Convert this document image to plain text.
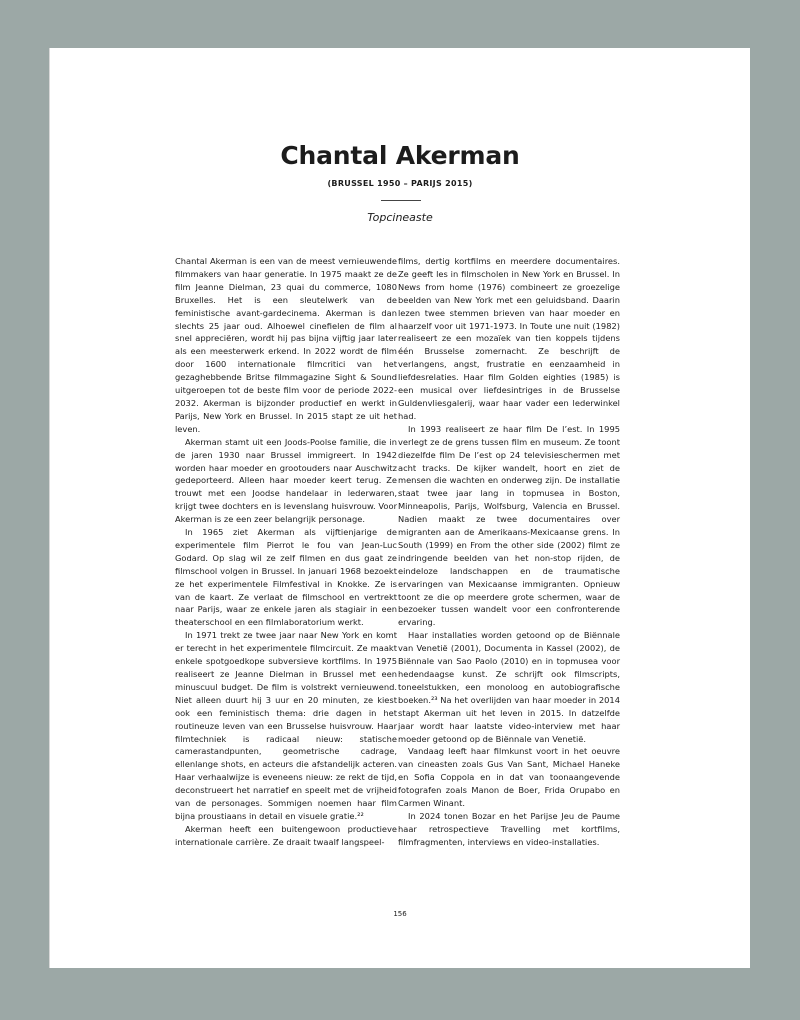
Chantal Akerman
(BRUSSEL 1950 – PARIJS 2015)
Topcineaste

Chantal Akerman is een van de meest vernieuwende filmmakers van haar generatie. In 1975 maakt ze de film Jeanne Dielman, 23 quai du commerce, 1080 Bruxelles. Het is een sleutelwerk van de feministische avant-gardecinema. Akerman is dan slechts 25 jaar oud. Alhoewel cinefielen de film al snel appreciëren, wordt hij pas bijna vijftig jaar later als een meesterwerk erkend. In 2022 wordt de film door 1600 internationale filmcritici van het gezaghebbende Britse filmmagazine Sight & Sound uitgeroepen tot de beste film voor de periode 2022-2032. Akerman is bijzonder productief en werkt in Parijs, New York en Brussel. In 2015 stapt ze uit het leven.

Akerman stamt uit een Joods-Poolse familie, die in de jaren 1930 naar Brussel immigreert. In 1942 worden haar moeder en grootouders naar Auschwitz gedeporteerd. Alleen haar moeder keert terug. Ze trouwt met een Joodse handelaar in lederwaren, krijgt twee dochters en is levenslang huisvrouw. Voor Akerman is ze een zeer belangrijk personage.

In 1965 ziet Akerman als vijftienjarige de experimentele film Pierrot le fou van Jean-Luc Godard. Op slag wil ze zelf filmen en dus gaat ze filmschool volgen in Brussel. In januari 1968 bezoekt ze het experimentele Filmfestival in Knokke. Ze is van de kaart. Ze verlaat de filmschool en vertrekt naar Parijs, waar ze enkele jaren als stagiair in een theaterschool en een filmlaboratorium werkt.

In 1971 trekt ze twee jaar naar New York en komt er terecht in het experimentele filmcircuit. Ze maakt enkele spotgoedkope subversieve kortfilms. In 1975 realiseert ze Jeanne Dielman in Brussel met een minuscuul budget. De film is volstrekt vernieuwend. Niet alleen duurt hij 3 uur en 20 minuten, ze kiest ook een feministisch thema: drie dagen in het routineuze leven van een Brusselse huisvrouw. Haar filmtechniek is radicaal nieuw: statische camerastandpunten, geometrische cadrage, ellenlange shots, en acteurs die afstandelijk acteren. Haar verhaalwijze is eveneens nieuw: ze rekt de tijd, deconstrueert het narratief en speelt met de vrijheid van de personages. Sommigen noemen haar film bijna proustiaans in detail en visuele gratie.²²

Akerman heeft een buitengewoon productieve internationale carrière. Ze draait twaalf langspeel-

films, dertig kortfilms en meerdere documentaires. Ze geeft les in filmscholen in New York en Brussel. In News from home (1976) combineert ze groezelige beelden van New York met een geluidsband. Daarin lezen twee stemmen brieven van haar moeder en haarzelf voor uit 1971-1973. In Toute une nuit (1982) realiseert ze een mozaïek van tien koppels tijdens één Brusselse zomernacht. Ze beschrijft de verlangens, angst, frustratie en eenzaamheid in liefdesrelaties. Haar film Golden eighties (1985) is een musical over liefdesintriges in de Brusselse Guldenvliesgalerij, waar haar vader een lederwinkel had.

In 1993 realiseert ze haar film De l’est. In 1995 verlegt ze de grens tussen film en museum. Ze toont diezelfde film De l’est op 24 televisieschermen met acht tracks. De kijker wandelt, hoort en ziet de mensen die wachten en onderweg zijn. De installatie staat twee jaar lang in topmusea in Boston, Minneapolis, Parijs, Wolfsburg, Valencia en Brussel. Nadien maakt ze twee documentaires over migranten aan de Amerikaans-Mexicaanse grens. In South (1999) en From the other side (2002) filmt ze indringende beelden van het non-stop rijden, de eindeloze landschappen en de traumatische ervaringen van Mexicaanse immigranten. Opnieuw toont ze die op meerdere grote schermen, waar de bezoeker tussen wandelt voor een confronterende ervaring.

Haar installaties worden getoond op de Biënnale van Venetië (2001), Documenta in Kassel (2002), de Biënnale van Sao Paolo (2010) en in topmusea voor hedendaagse kunst. Ze schrijft ook filmscripts, toneelstukken, een monoloog en autobiografische boeken.²³ Na het overlijden van haar moeder in 2014 stapt Akerman uit het leven in 2015. In datzelfde jaar wordt haar laatste video-interview met haar moeder getoond op de Biënnale van Venetië.

Vandaag leeft haar filmkunst voort in het oeuvre van cineasten zoals Gus Van Sant, Michael Haneke en Sofia Coppola en in dat van toonaangevende fotografen zoals Manon de Boer, Frida Orupabo en Carmen Winant.

In 2024 tonen Bozar en het Parijse Jeu de Paume haar retrospectieve Travelling met kortfilms, filmfragmenten, interviews en video-installaties.

156
